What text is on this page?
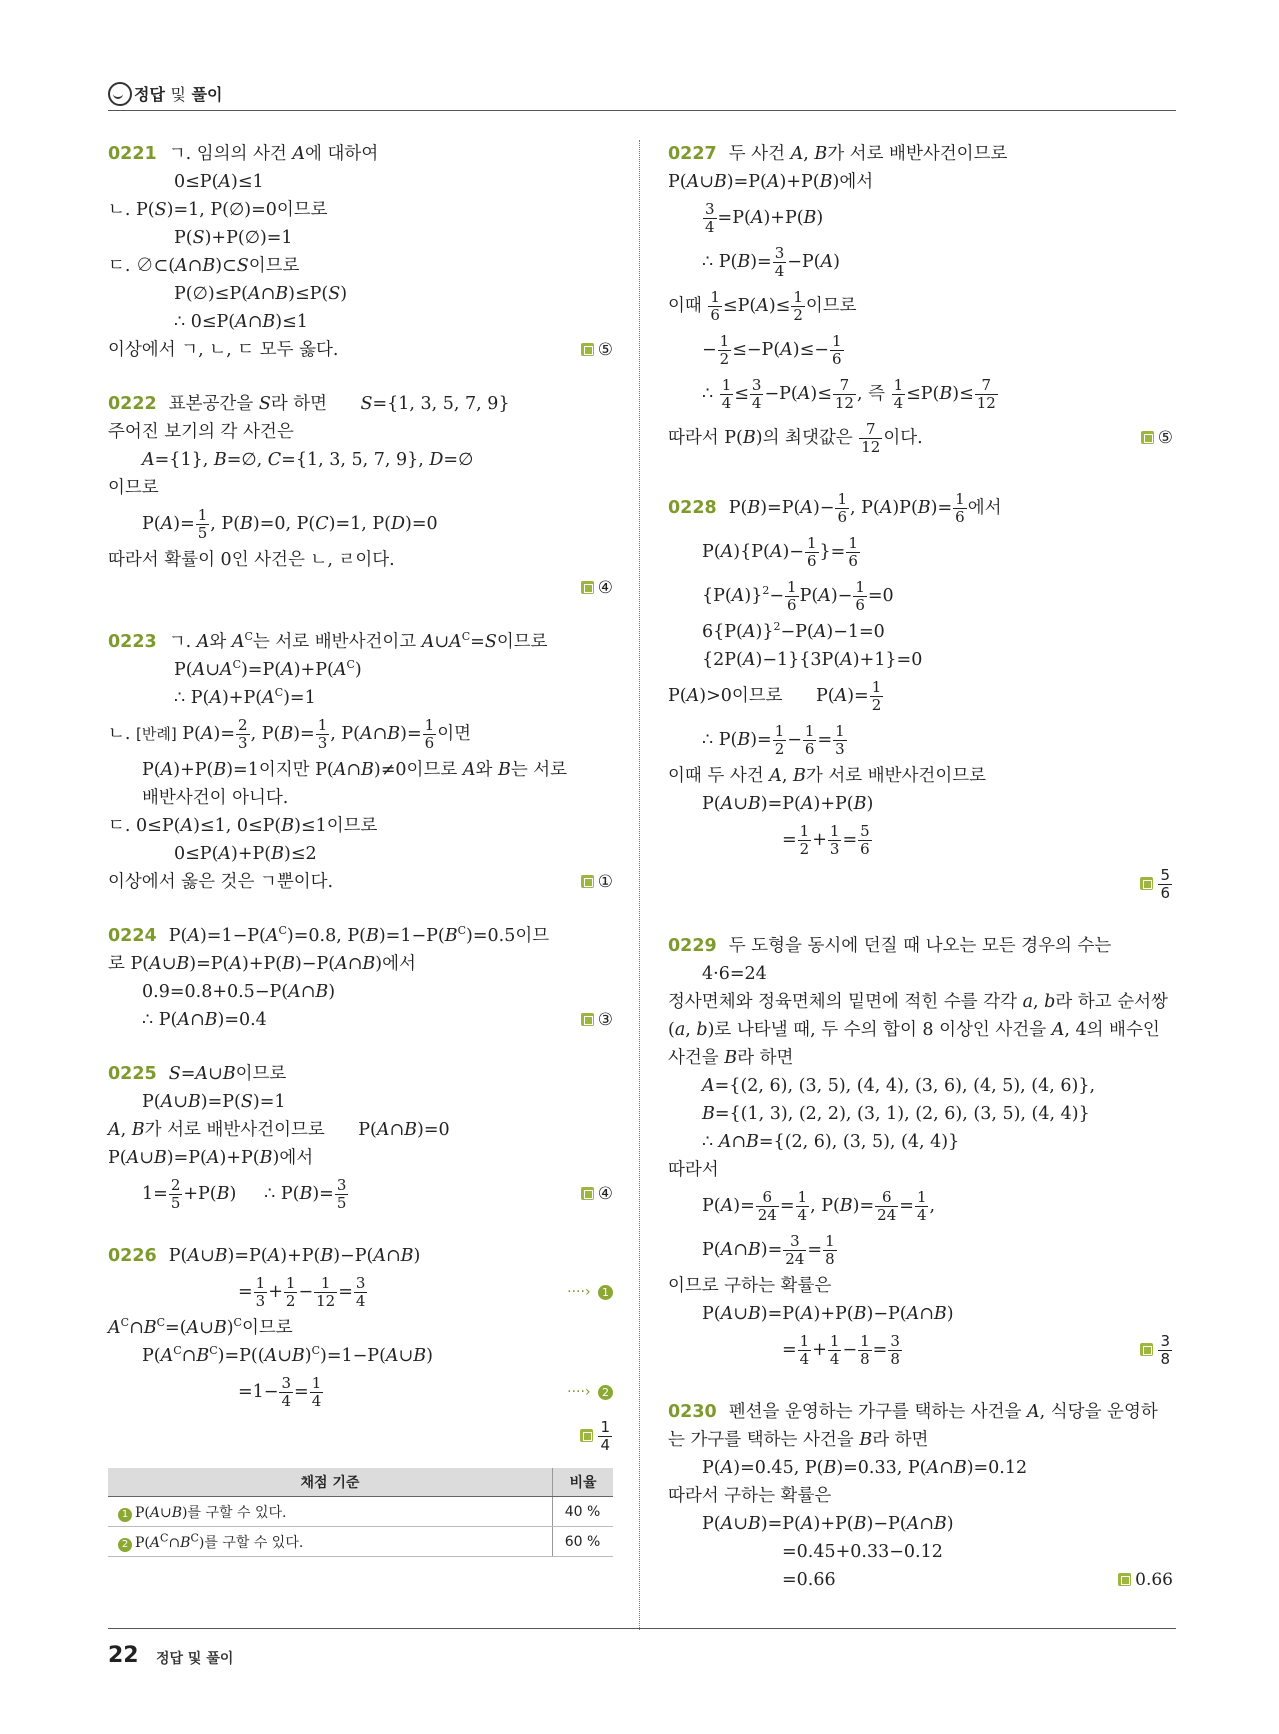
정답 및 풀이
0221 ㄱ. 임의의 사건 A에 대하여
0≤P(A)≤1
ㄴ. P(S)=1, P(∅)=0이므로
P(S)+P(∅)=1
ㄷ. ∅⊂(A∩B)⊂S이므로
P(∅)≤P(A∩B)≤P(S)
∴ 0≤P(A∩B)≤1
이상에서 ㄱ, ㄴ, ㄷ 모두 옳다.	⑤
0222 표본공간을 S라 하면      S={1, 3, 5, 7, 9}
주어진 보기의 각 사건은
A={1}, B=∅, C={1, 3, 5, 7, 9}, D=∅
이므로
$P(A)= \frac{1}{5}$ , P(B)=0, P(C)=1, P(D)=0
따라서 확률이 0인 사건은 ㄴ, ㄹ이다.
④

0223 ㄱ. A와 $A^C$는 서로 배반사건이고 $A\cup A^C=S$이므로
$P(A\cup A^C)=P(A)+P(A^C)$
∴ $P(A)+P(A^C)=1$
ㄴ. [반례] $P(A)= \frac{2}{3}$ , $P(B)= \frac{1}{3}$ , P(A∩B)= $\frac{1}{6}$ 이면
P(A)+P(B)=1이지만 P(A∩B)≠0이므로 A와 B는 서로
배반사건이 아니다.
ㄷ. 0≤P(A)≤1, 0≤P(B)≤1이므로
0≤P(A)+P(B)≤2
이상에서 옳은 것은 ㄱ뿐이다.	①
0224 $P(A)=1-P(A^C)=0.8$, $P(B)=1-P(B^C)=0.5$이므
로 P(A∪B)=P(A)+P(B)−P(A∩B)에서
0.9=0.8+0.5−P(A∩B)
∴ P(A∩B)=0.4	③
0225 S=A∪B이므로
P(A∪B)=P(S)=1
A, B가 서로 배반사건이므로      P(A∩B)=0
P(A∪B)=P(A)+P(B)에서
$1= \frac{2}{5} +P(B)$     ∴ $P(B)= \frac{3}{5}$	④
0226 P(A∪B)=P(A)+P(B)−P(A∩B)
= $\frac{1}{3} + \frac{1}{2} - \frac{1}{12} = \frac{3}{4}$	····› 1
$A^C\cap B^C=(A\cup B)^C$이므로
$P(A^C\cap B^C)=P((A\cup B)^C)=1-P(A\cup B)$
$=1- \frac{3}{4} = \frac{1}{4}$	····› 2
$\frac{1}{4}$

채점 기준	비율
1 P(A∪B)를 구할 수 있다.	40 %
2 $P(A^C\cap B^C)$를 구할 수 있다.	60 %
0227 두 사건 A, B가 서로 배반사건이므로
P(A∪B)=P(A)+P(B)에서
$\frac{3}{4} =P(A)+P(B)$
∴ $P(B)= \frac{3}{4} -P(A)$
이때 $\frac{1}{6} \le P(A)\le \frac{1}{2}$ 이므로
− $\frac{1}{2} \le-P(A)\le- \frac{1}{6}$
∴ $\frac{1}{4} \le \frac{3}{4} -P(A)\le \frac{7}{12}$ , 즉 $\frac{1}{4} \le P(B)\le \frac{7}{12}$
따라서 P(B)의 최댓값은 $\frac{7}{12}$ 이다.	⑤
0228 $P(B)=P(A)- \frac{1}{6}$ , $P(A)P(B)= \frac{1}{6}$ 에서
$P(A)\{P(A)- \frac{1}{6}$ }= $\frac{1}{6}$
$\{P(A)\}^2- \frac{1}{6} P(A)- \frac{1}{6} =0$
$6\{P(A)\}^2-P(A)-1=0$
{2P(A)−1}{3P(A)+1}=0
P(A)>0이므로      $P(A)= \frac{1}{2}$
∴ $P(B)= \frac{1}{2} - \frac{1}{6} = \frac{1}{3}$
이때 두 사건 A, B가 서로 배반사건이므로
P(A∪B)=P(A)+P(B)
= $\frac{1}{2} + \frac{1}{3} = \frac{5}{6}$
$\frac{5}{6}$

0229 두 도형을 동시에 던질 때 나오는 모든 경우의 수는
4·6=24
정사면체와 정육면체의 밑면에 적힌 수를 각각 a, b라 하고 순서쌍
(a, b)로 나타낼 때, 두 수의 합이 8 이상인 사건을 A, 4의 배수인
사건을 B라 하면
A={(2, 6), (3, 5), (4, 4), (3, 6), (4, 5), (4, 6)},
B={(1, 3), (2, 2), (3, 1), (2, 6), (3, 5), (4, 4)}
∴ A∩B={(2, 6), (3, 5), (4, 4)}
따라서
$P(A)= \frac{6}{24} = \frac{1}{4}$ , $P(B)= \frac{6}{24} = \frac{1}{4}$ ,
P(A∩B)= $\frac{3}{24} = \frac{1}{8}$
이므로 구하는 확률은
P(A∪B)=P(A)+P(B)−P(A∩B)
= $\frac{1}{4} + \frac{1}{4} - \frac{1}{8} = \frac{3}{8}$	$\frac{3}{8}$
0230 펜션을 운영하는 가구를 택하는 사건을 A, 식당을 운영하
는 가구를 택하는 사건을 B라 하면
P(A)=0.45, P(B)=0.33, P(A∩B)=0.12
따라서 구하는 확률은
P(A∪B)=P(A)+P(B)−P(A∩B)
=0.45+0.33−0.12
=0.66	0.66
22 정답 및 풀이
